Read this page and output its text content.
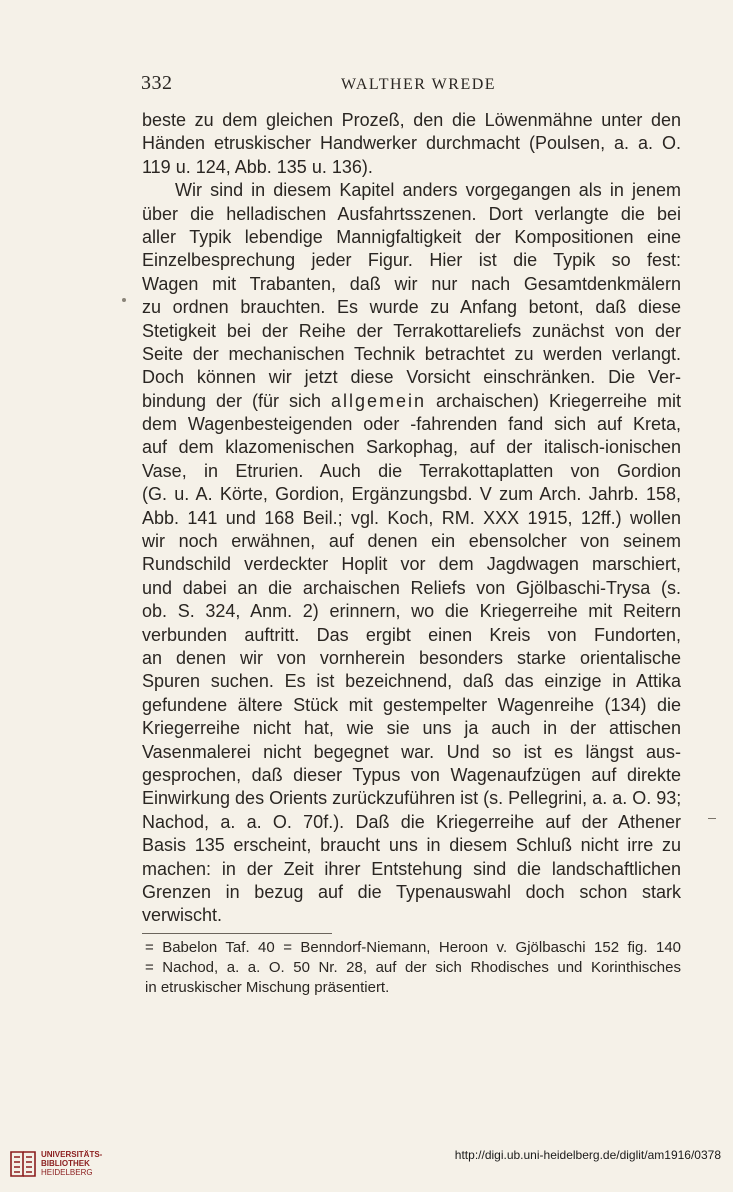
332	WALTHER WREDE
beste zu dem gleichen Prozeß, den die Löwenmähne unter den
Händen etruskischer Handwerker durchmacht (Poulsen, a. a. O.
119 u. 124, Abb. 135 u. 136).
Wir sind in diesem Kapitel anders vorgegangen als in jenem
über die helladischen Ausfahrtsszenen. Dort verlangte die bei
aller Typik lebendige Mannigfaltigkeit der Kompositionen eine
Einzelbesprechung jeder Figur. Hier ist die Typik so fest:
Wagen mit Trabanten, daß wir nur nach Gesamtdenkmälern
zu ordnen brauchten. Es wurde zu Anfang betont, daß diese
Stetigkeit bei der Reihe der Terrakottareliefs zunächst von der
Seite der mechanischen Technik betrachtet zu werden verlangt.
Doch können wir jetzt diese Vorsicht einschränken. Die Ver-
bindung der (für sich allgemein archaischen) Kriegerreihe mit
dem Wagenbesteigenden oder -fahrenden fand sich auf Kreta,
auf dem klazomenischen Sarkophag, auf der italisch-ionischen
Vase, in Etrurien. Auch die Terrakottaplatten von Gordion
(G. u. A. Körte, Gordion, Ergänzungsbd. V zum Arch. Jahrb. 158,
Abb. 141 und 168 Beil.; vgl. Koch, RM. XXX 1915, 12ff.) wollen
wir noch erwähnen, auf denen ein ebensolcher von seinem
Rundschild verdeckter Hoplit vor dem Jagdwagen marschiert,
und dabei an die archaischen Reliefs von Gjölbaschi-Trysa (s.
ob. S. 324, Anm. 2) erinnern, wo die Kriegerreihe mit Reitern
verbunden auftritt. Das ergibt einen Kreis von Fundorten,
an denen wir von vornherein besonders starke orientalische
Spuren suchen. Es ist bezeichnend, daß das einzige in Attika
gefundene ältere Stück mit gestempelter Wagenreihe (134) die
Kriegerreihe nicht hat, wie sie uns ja auch in der attischen
Vasenmalerei nicht begegnet war. Und so ist es längst aus-
gesprochen, daß dieser Typus von Wagenaufzügen auf direkte
Einwirkung des Orients zurückzuführen ist (s. Pellegrini, a. a. O. 93;
Nachod, a. a. O. 70f.). Daß die Kriegerreihe auf der Athener
Basis 135 erscheint, braucht uns in diesem Schluß nicht irre zu
machen: in der Zeit ihrer Entstehung sind die landschaftlichen
Grenzen in bezug auf die Typenauswahl doch schon stark
verwischt.
= Babelon Taf. 40 = Benndorf-Niemann, Heroon v. Gjölbaschi 152 fig. 140
= Nachod, a. a. O. 50 Nr. 28, auf der sich Rhodisches und Korinthisches
in etruskischer Mischung präsentiert.
UNIVERSITÄTS-
BIBLIOTHEK
HEIDELBERG
http://digi.ub.uni-heidelberg.de/diglit/am1916/0378
